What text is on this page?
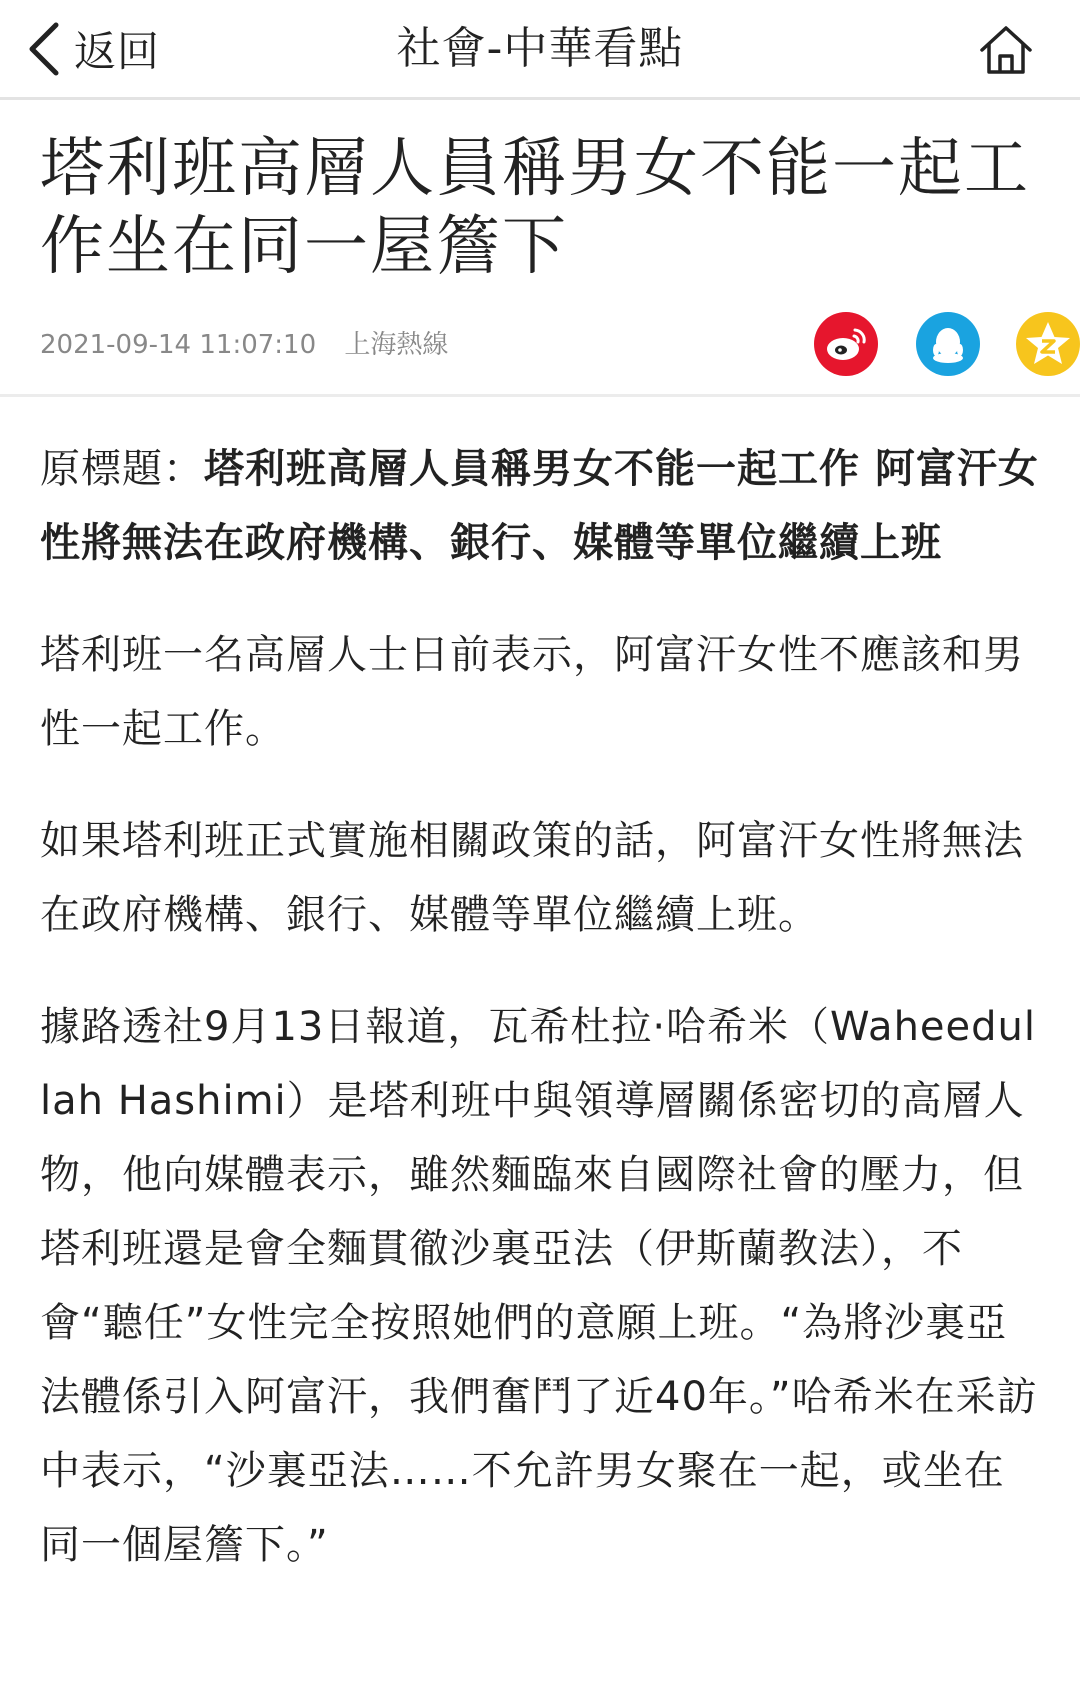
返回	社會-中華看點
塔利班高層人員稱男女不能一起工作坐在同一屋簷下
2021-09-14 11:07:10 上海熱線

原標題：塔利班高層人員稱男女不能一起工作 阿富汗女性將無法在政府機構、銀行、媒體等單位繼續上班

塔利班一名高層人士日前表示，阿富汗女性不應該和男性一起工作。

如果塔利班正式實施相關政策的話，阿富汗女性將無法在政府機構、銀行、媒體等單位繼續上班。

據路透社9月13日報道，瓦希杜拉·哈希米（Waheedullah Hashimi）是塔利班中與領導層關係密切的高層人物，他向媒體表示，雖然麵臨來自國際社會的壓力，但塔利班還是會全麵貫徹沙裏亞法（伊斯蘭教法），不會“聽任”女性完全按照她們的意願上班。“為將沙裏亞法體係引入阿富汗，我們奮鬥了近40年。”哈希米在采訪中表示，“沙裏亞法……不允許男女聚在一起，或坐在同一個屋簷下。”
